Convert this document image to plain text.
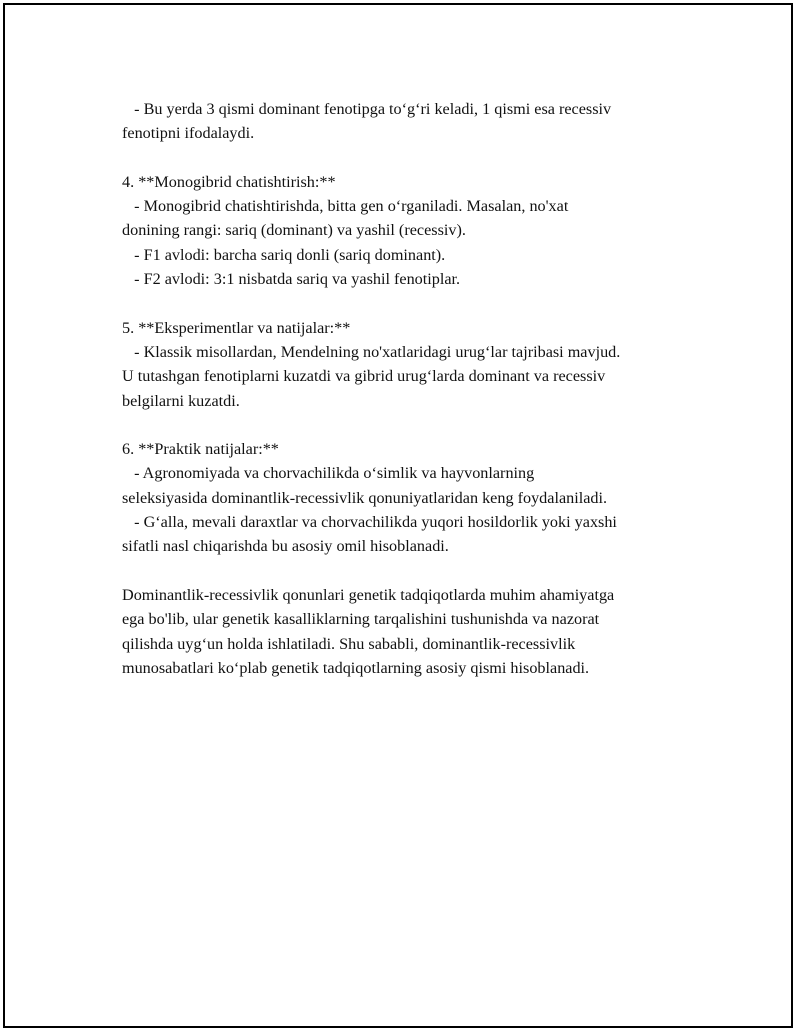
- Bu yerda 3 qismi dominant fenotipga to‘g‘ri keladi, 1 qismi esa recessiv
fenotipni ifodalaydi.
4. **Monogibrid chatishtirish:**
- Monogibrid chatishtirishda, bitta gen o‘rganiladi. Masalan, no'xat
donining rangi: sariq (dominant) va yashil (recessiv).
- F1 avlodi: barcha sariq donli (sariq dominant).
- F2 avlodi: 3:1 nisbatda sariq va yashil fenotiplar.
5. **Eksperimentlar va natijalar:**
- Klassik misollardan, Mendelning no'xatlaridagi urug‘lar tajribasi mavjud.
U tutashgan fenotiplarni kuzatdi va gibrid urug‘larda dominant va recessiv
belgilarni kuzatdi.
6. **Praktik natijalar:**
- Agronomiyada va chorvachilikda o‘simlik va hayvonlarning
seleksiyasida dominantlik-recessivlik qonuniyatlaridan keng foydalaniladi.
- G‘alla, mevali daraxtlar va chorvachilikda yuqori hosildorlik yoki yaxshi
sifatli nasl chiqarishda bu asosiy omil hisoblanadi.
Dominantlik-recessivlik qonunlari genetik tadqiqotlarda muhim ahamiyatga
ega bo'lib, ular genetik kasalliklarning tarqalishini tushunishda va nazorat
qilishda uyg‘un holda ishlatiladi. Shu sababli, dominantlik-recessivlik
munosabatlari ko‘plab genetik tadqiqotlarning asosiy qismi hisoblanadi.
